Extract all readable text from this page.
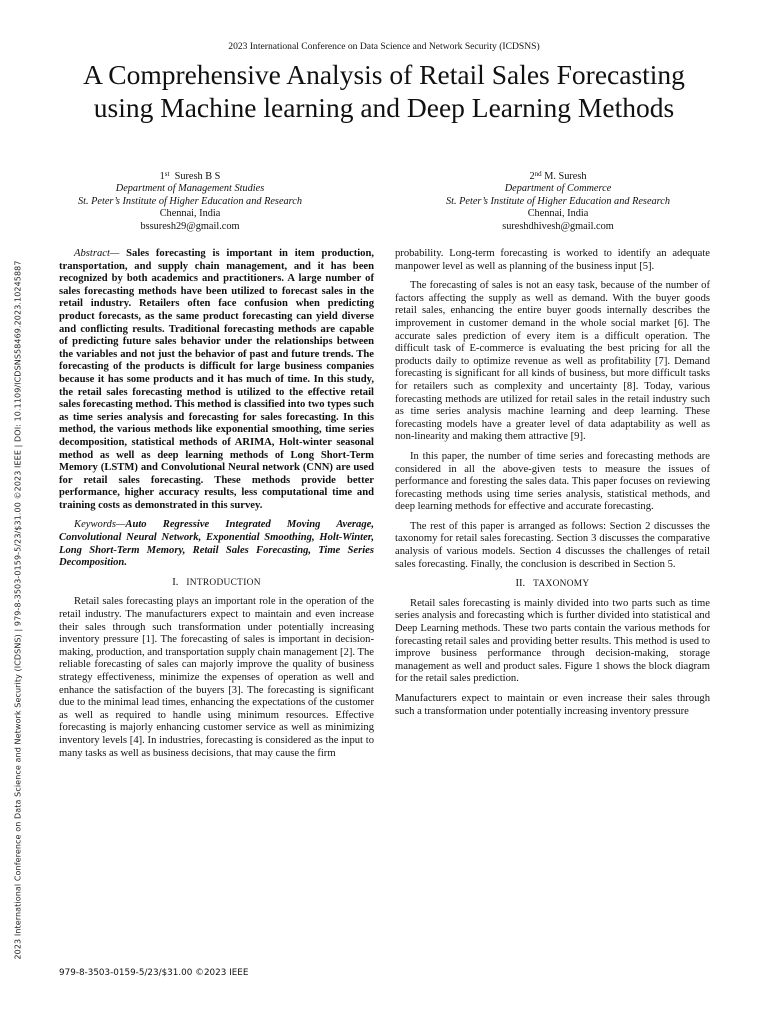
2023 International Conference on Data Science and Network Security (ICDSNS) | 979-8-3503-0159-5/23/$31.00 ©2023 IEEE | DOI: 10.1109/ICDSNS58469.2023.10245887
2023 International Conference on Data Science and Network Security (ICDSNS)
A Comprehensive Analysis of Retail Sales Forecasting using Machine learning and Deep Learning Methods
1st Suresh B S
Department of Management Studies
St. Peter’s Institute of Higher Education and Research
Chennai, India
bssuresh29@gmail.com
2nd M. Suresh
Department of Commerce
St. Peter’s Institute of Higher Education and Research
Chennai, India
sureshdhivesh@gmail.com

Abstract— Sales forecasting is important in item production, transportation, and supply chain management, and it has been recognized by both academics and practitioners. A large number of sales forecasting methods have been utilized to forecast sales in the retail industry. Retailers often face confusion when predicting product forecasts, as the same product forecasting can yield diverse and conflicting results. Traditional forecasting methods are capable of predicting future sales behavior under the relationships between the variables and not just the behavior of past and future trends. The forecasting of the products is difficult for large business companies because it has some products and it has much of time. In this study, the retail sales forecasting method is utilized to the effective retail sales forecasting method. This method is classified into two types such as time series analysis and forecasting for sales forecasting. In this method, the various methods like exponential smoothing, time series decomposition, statistical methods of ARIMA, Holt-winter seasonal method as well as deep learning methods of Long Short-Term Memory (LSTM) and Convolutional Neural network (CNN) are used for retail sales forecasting. These methods provide better performance, higher accuracy results, less computational time and training costs as demonstrated in this survey.

Keywords—Auto Regressive Integrated Moving Average, Convolutional Neural Network, Exponential Smoothing, Holt-Winter, Long Short-Term Memory, Retail Sales Forecasting, Time Series Decomposition.

I. INTRODUCTION

Retail sales forecasting plays an important role in the operation of the retail industry. The manufacturers expect to maintain and even increase their sales through such transformation under potentially increasing inventory pressure [1]. The forecasting of sales is important in decision-making, production, and transportation supply chain management [2]. The reliable forecasting of sales can majorly improve the quality of business strategy effectiveness, minimize the expenses of operation as well and enhance the satisfaction of the buyers [3]. The forecasting is significant due to the minimal lead times, enhancing the expectations of the customer as well as required to handle using minimum resources. Effective forecasting is majorly enhancing customer service as well as minimizing inventory levels [4]. In industries, forecasting is considered as the input to many tasks as well as business decisions, that may cause the firm

probability. Long-term forecasting is worked to identify an adequate manpower level as well as planning of the business input [5].

The forecasting of sales is not an easy task, because of the number of factors affecting the supply as well as demand. With the buyer goods retail sales, enhancing the entire buyer goods internally describes the improvement in customer demand in the whole social market [6]. The accurate sales prediction of every item is a difficult operation. The difficult task of E-commerce is evaluating the best pricing for all the products daily to optimize revenue as well as profitability [7]. Demand forecasting is significant for all kinds of business, but more difficult tasks for retailers such as complexity and uncertainty [8]. Today, various forecasting methods are utilized for retail sales in the retail industry such as time series analysis machine learning and deep learning. These forecasting models have a greater level of data adaptability as well as non-linearity and making them attractive [9].

In this paper, the number of time series and forecasting methods are considered in all the above-given tests to measure the issues of performance and foresting the sales data. This paper focuses on reviewing forecasting methods using time series analysis, statistical methods, and deep learning methods for effective and accurate forecasting.

The rest of this paper is arranged as follows: Section 2 discusses the taxonomy for retail sales forecasting. Section 3 discusses the comparative analysis of various models. Section 4 discusses the challenges of retail sales forecasting. Finally, the conclusion is described in Section 5.

II. TAXONOMY

Retail sales forecasting is mainly divided into two parts such as time series analysis and forecasting which is further divided into statistical and Deep Learning methods. These two parts contain the various methods for forecasting retail sales and providing better results. This method is used to improve business performance through decision-making, storage management as well and product sales. Figure 1 shows the block diagram for the retail sales prediction.

Manufacturers expect to maintain or even increase their sales through such a transformation under potentially increasing inventory pressure

979-8-3503-0159-5/23/$31.00 ©2023 IEEE
